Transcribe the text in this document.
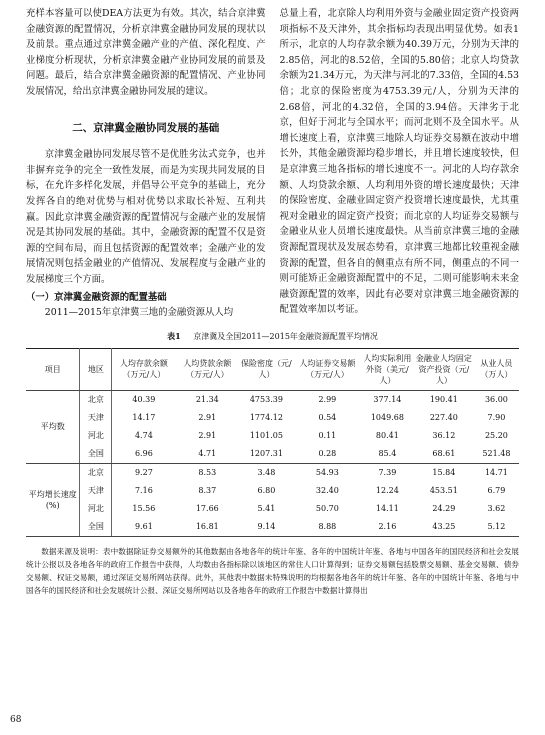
充样本容量可以使DEA方法更为有效。其次，结合京津冀金融资源的配置情况，分析京津冀金融协同发展的现状以及前景。重点通过京津冀金融产业的产值、深化程度、产业梯度分析现状，分析京津冀金融产业协同发展的前景及问题。最后，结合京津冀金融资源的配置情况、产业协同发展情况，给出京津冀金融协同发展的建议。

二、京津冀金融协同发展的基础

京津冀金融协同发展尽管不是优胜劣汰式竞争，也并非摒弃竞争的完全一致性发展，而是为实现共同发展的目标，在允许多样化发展，并倡导公平竞争的基础上，充分发挥各自的绝对优势与相对优势以求取长补短、互利共赢。因此京津冀金融资源的配置情况与金融产业的发展情况是其协同发展的基础。其中，金融资源的配置不仅是资源的空间布局，而且包括资源的配置效率；金融产业的发展情况则包括金融业的产值情况、发展程度与金融产业的发展梯度三个方面。

（一）京津冀金融资源的配置基础

2011—2015年京津冀三地的金融资源从人均

总量上看，北京除人均利用外资与金融业固定资产投资两项指标不及天津外，其余指标均表现出明显优势。如表1所示，北京的人均存款余额为40.39万元，分别为天津的2.85倍，河北的8.52倍，全国的5.80倍；北京人均贷款余额为21.34万元，为天津与河北的7.33倍，全国的4.53倍；北京的保险密度为4753.39元/人，分别为天津的2.68倍，河北的4.32倍，全国的3.94倍。天津劣于北京，但好于河北与全国水平；而河北则不及全国水平。从增长速度上看，京津冀三地除人均证券交易额在波动中增长外，其他金融资源均稳步增长，并且增长速度较快，但是京津冀三地各指标的增长速度不一。河北的人均存款余额、人均贷款余额、人均利用外资的增长速度最快；天津的保险密度、金融业固定资产投资增长速度最快，尤其重视对金融业的固定资产投资；而北京的人均证券交易额与金融业从业人员增长速度最快。从当前京津冀三地的金融资源配置现状及发展态势看，京津冀三地都比较重视金融资源的配置，但各自的侧重点有所不同，侧重点的不同一则可能矫正金融资源配置中的不足，二则可能影响未来金融资源配置的效率，因此有必要对京津冀三地金融资源的配置效率加以考证。

表1 京津冀及全国2011—2015年金融资源配置平均情况
项目	地区	人均存款余额（万元/人）	人均贷款余额（万元/人）	保险密度（元/人）	人均证券交易额（万元/人）	人均实际利用外资（美元/人）	金融业人均固定资产投资（元/人）	从业人员（万人）
平均数	北京	40.39	21.34	4753.39	2.99	377.14	190.41	36.00
	天津	14.17	2.91	1774.12	0.54	1049.68	227.40	7.90
	河北	4.74	2.91	1101.05	0.11	80.41	36.12	25.20
	全国	6.96	4.71	1207.31	0.28	85.4	68.61	521.48
平均增长速度(%)	北京	9.27	8.53	3.48	54.93	7.39	15.84	14.71
	天津	7.16	8.37	6.80	32.40	12.24	453.51	6.79
	河北	15.56	17.66	5.41	50.70	14.11	24.29	3.62
	全国	9.61	16.81	9.14	8.88	2.16	43.25	5.12

数据来源及说明：表中数据除证券交易额外的其他数据由各地各年的统计年鉴、各年的中国统计年鉴、各地与中国各年的国民经济和社会发展统计公报以及各地各年的政府工作报告中获得，人均数由各指标除以该地区的常住人口计算得到；证券交易额包括股票交易额、基金交易额、债券交易额、权证交易额，通过深证交易所网站获得。此外，其他表中数据未特殊说明的均根据各地各年的统计年鉴、各年的中国统计年鉴、各地与中国各年的国民经济和社会发展统计公报、深证交易所网站以及各地各年的政府工作报告中数据计算得出

68
